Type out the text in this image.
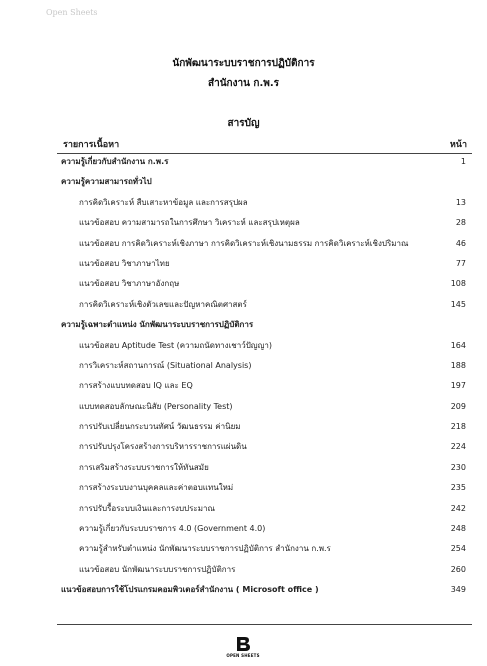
Open Sheets
นักพัฒนาระบบราชการปฏิบัติการ
สำนักงาน ก.พ.ร
สารบัญ
รายการเนื้อหา	หน้า
ความรู้เกี่ยวกับสำนักงาน ก.พ.ร	1
ความรู้ความสามารถทั่วไป
การคิดวิเคราะห์ สืบเสาะหาข้อมูล และการสรุปผล	13
แนวข้อสอบ ความสามารถในการศึกษา วิเคราะห์ และสรุปเหตุผล	28
แนวข้อสอบ การคิดวิเคราะห์เชิงภาษา การคิดวิเคราะห์เชิงนามธรรม การคิดวิเคราะห์เชิงปริมาณ	46
แนวข้อสอบ วิชาภาษาไทย	77
แนวข้อสอบ วิชาภาษาอังกฤษ	108
การคิดวิเคราะห์เชิงตัวเลขและปัญหาคณิตศาสตร์	145
ความรู้เฉพาะตำแหน่ง นักพัฒนาระบบราชการปฏิบัติการ
แนวข้อสอบ Aptitude Test (ความถนัดทางเชาว์ปัญญา)	164
การวิเคราะห์สถานการณ์ (Situational Analysis)	188
การสร้างแบบทดสอบ IQ และ EQ	197
แบบทดสอบลักษณะนิสัย (Personality Test)	209
การปรับเปลี่ยนกระบวนทัศน์ วัฒนธรรม ค่านิยม	218
การปรับปรุงโครงสร้างการบริหารราชการแผ่นดิน	224
การเสริมสร้างระบบราชการให้ทันสมัย	230
การสร้างระบบงานบุคคลและค่าตอบแทนใหม่	235
การปรับรื้อระบบเงินและการงบประมาณ	242
ความรู้เกี่ยวกับระบบราชการ 4.0 (Government 4.0)	248
ความรู้สำหรับตำแหน่ง นักพัฒนาระบบราชการปฏิบัติการ สำนักงาน ก.พ.ร	254
แนวข้อสอบ นักพัฒนาระบบราชการปฏิบัติการ	260
แนวข้อสอบการใช้โปรแกรมคอมพิวเตอร์สำนักงาน ( Microsoft office )	349
OPEN SHEETS
